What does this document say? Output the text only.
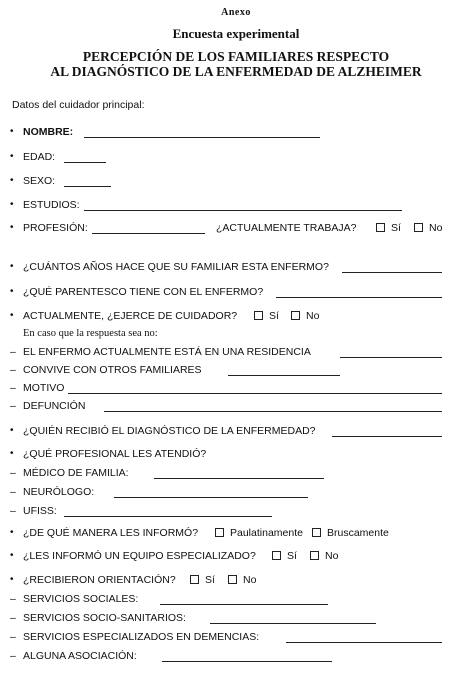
Anexo
Encuesta experimental
PERCEPCIÓN DE LOS FAMILIARES RESPECTO
AL DIAGNÓSTICO DE LA ENFERMEDAD DE ALZHEIMER
Datos del cuidador principal:
• NOMBRE:
• EDAD:
• SEXO:
• ESTUDIOS:
• PROFESIÓN:	¿ACTUALMENTE TRABAJA?	Sí	No
• ¿CUÁNTOS AÑOS HACE QUE SU FAMILIAR ESTA ENFERMO?
• ¿QUÉ PARENTESCO TIENE CON EL ENFERMO?
• ACTUALMENTE, ¿EJERCE DE CUIDADOR?	Sí	No
En caso que la respuesta sea no:
– EL ENFERMO ACTUALMENTE ESTÁ EN UNA RESIDENCIA
– CONVIVE CON OTROS FAMILIARES
– MOTIVO
– DEFUNCIÓN
• ¿QUIÉN RECIBIÓ EL DIAGNÓSTICO DE LA ENFERMEDAD?
• ¿QUÉ PROFESIONAL LES ATENDIÓ?
– MÉDICO DE FAMILIA:
– NEURÓLOGO:
– UFISS:
• ¿DE QUÉ MANERA LES INFORMÓ?	Paulatinamente Bruscamente
• ¿LES INFORMÓ UN EQUIPO ESPECIALIZADO?	Sí	No
• ¿RECIBIERON ORIENTACIÓN?	Sí	No
– SERVICIOS SOCIALES:
– SERVICIOS SOCIO-SANITARIOS:
– SERVICIOS ESPECIALIZADOS EN DEMENCIAS:
– ALGUNA ASOCIACIÓN:
